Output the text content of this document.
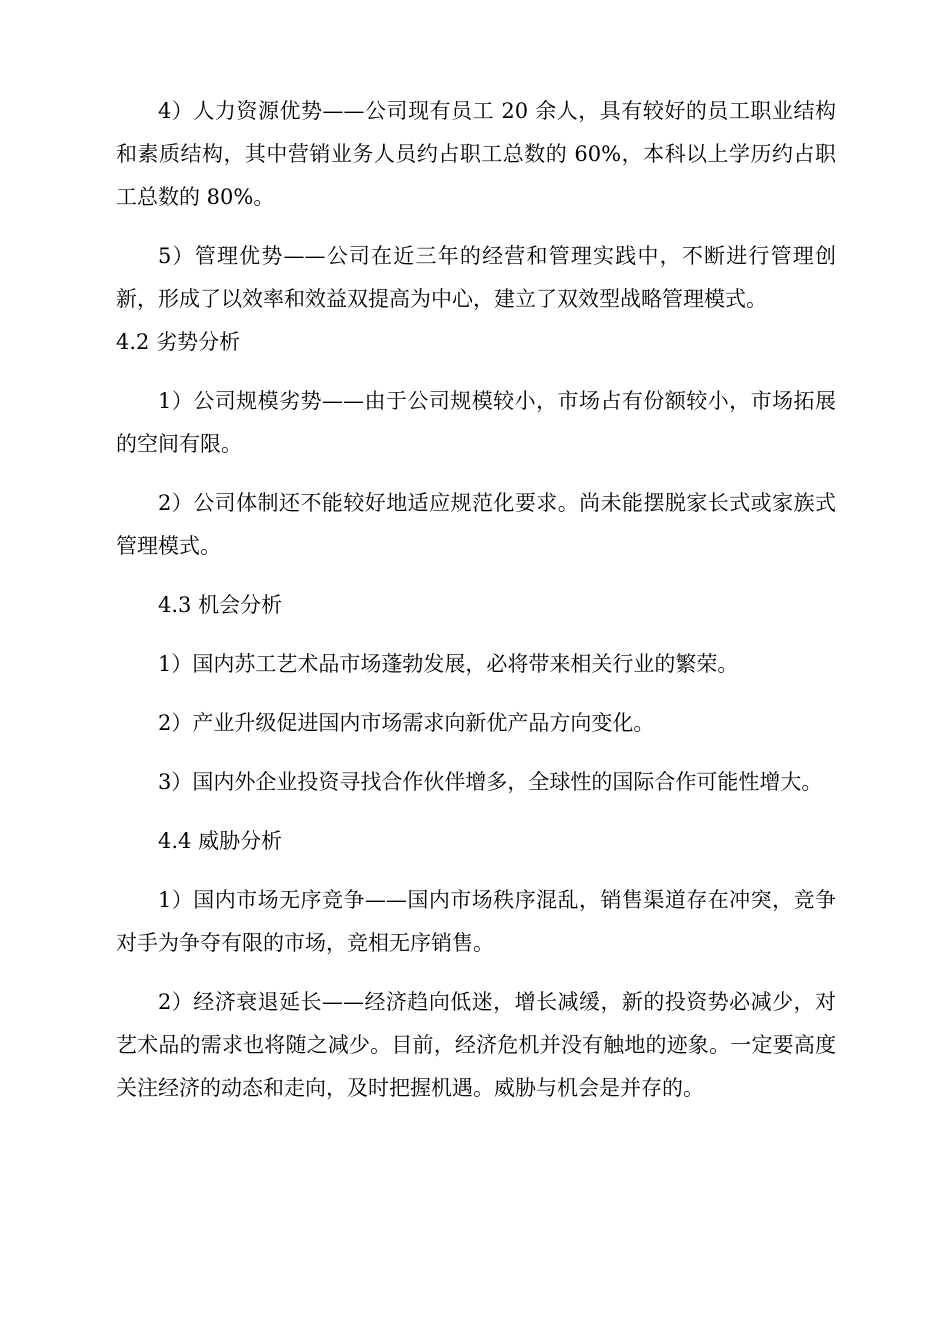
4）人力资源优势——公司现有员工 20 余人，具有较好的员工职业结构和素质结构，其中营销业务人员约占职工总数的 60%，本科以上学历约占职工总数的 80%。

5）管理优势——公司在近三年的经营和管理实践中，不断进行管理创新，形成了以效率和效益双提高为中心，建立了双效型战略管理模式。

4.2 劣势分析

1）公司规模劣势——由于公司规模较小，市场占有份额较小，市场拓展的空间有限。

2）公司体制还不能较好地适应规范化要求。尚未能摆脱家长式或家族式管理模式。

4.3 机会分析

1）国内苏工艺术品市场蓬勃发展，必将带来相关行业的繁荣。

2）产业升级促进国内市场需求向新优产品方向变化。

3）国内外企业投资寻找合作伙伴增多，全球性的国际合作可能性增大。

4.4 威胁分析

1）国内市场无序竞争——国内市场秩序混乱，销售渠道存在冲突，竞争对手为争夺有限的市场，竞相无序销售。

2）经济衰退延长——经济趋向低迷，增长减缓，新的投资势必减少，对艺术品的需求也将随之减少。目前，经济危机并没有触地的迹象。一定要高度关注经济的动态和走向，及时把握机遇。威胁与机会是并存的。
